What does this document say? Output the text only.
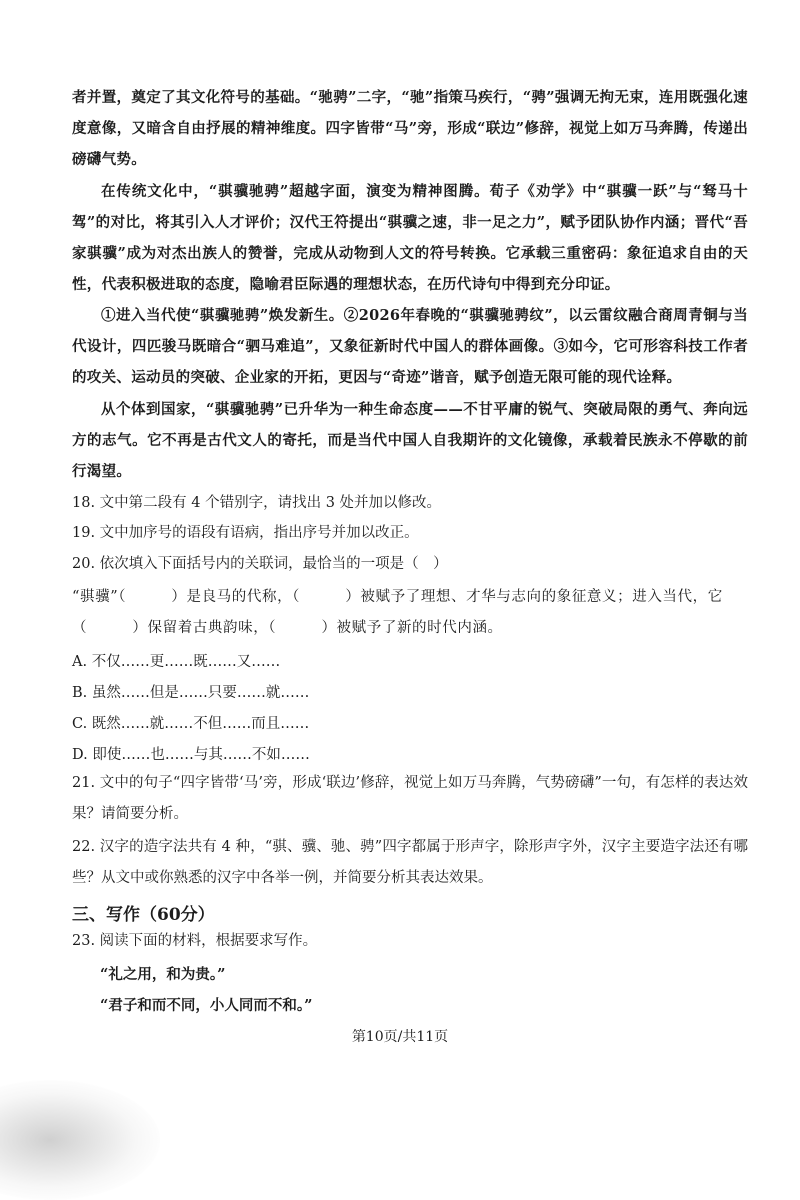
者并置，奠定了其文化符号的基础。“驰骋”二字，“驰”指策马疾行，“骋”强调无拘无束，连用既强化速度意像，又暗含自由抒展的精神维度。四字皆带“马”旁，形成“联边”修辞，视觉上如万马奔腾，传递出磅礴气势。
在传统文化中，“骐骥驰骋”超越字面，演变为精神图腾。荀子《劝学》中“骐骥一跃”与“驽马十驾”的对比，将其引入人才评价；汉代王符提出“骐骥之速，非一足之力”，赋予团队协作内涵；晋代“吾家骐骥”成为对杰出族人的赞誉，完成从动物到人文的符号转换。它承载三重密码：象征追求自由的天性，代表积极进取的态度，隐喻君臣际遇的理想状态，在历代诗句中得到充分印证。
①进入当代使“骐骥驰骋”焕发新生。②2026年春晚的“骐骥驰骋纹”，以云雷纹融合商周青铜与当代设计，四匹骏马既暗合“驷马难追”，又象征新时代中国人的群体画像。③如今，它可形容科技工作者的攻关、运动员的突破、企业家的开拓，更因与“奇迹”谐音，赋予创造无限可能的现代诠释。
从个体到国家，“骐骥驰骋”已升华为一种生命态度——不甘平庸的锐气、突破局限的勇气、奔向远方的志气。它不再是古代文人的寄托，而是当代中国人自我期许的文化镜像，承载着民族永不停歇的前行渴望。
18. 文中第二段有 4 个错别字，请找出 3 处并加以修改。
19. 文中加序号的语段有语病，指出序号并加以改正。
20. 依次填入下面括号内的关联词，最恰当的一项是（　）
“骐骥”（　　　）是良马的代称，（　　　）被赋予了理想、才华与志向的象征意义；进入当代，它（　　　）保留着古典韵味，（　　　）被赋予了新的时代内涵。
A. 不仅……更……既……又……
B. 虽然……但是……只要……就……
C. 既然……就……不但……而且……
D. 即使……也……与其……不如……
21. 文中的句子“四字皆带‘马’旁，形成‘联边’修辞，视觉上如万马奔腾，气势磅礴”一句，有怎样的表达效果？请简要分析。
22. 汉字的造字法共有 4 种，“骐、骥、驰、骋”四字都属于形声字，除形声字外，汉字主要造字法还有哪些？从文中或你熟悉的汉字中各举一例，并简要分析其表达效果。
三、写作（60分）
23. 阅读下面的材料，根据要求写作。
“礼之用，和为贵。”
“君子和而不同，小人同而不和。”
第10页/共11页
